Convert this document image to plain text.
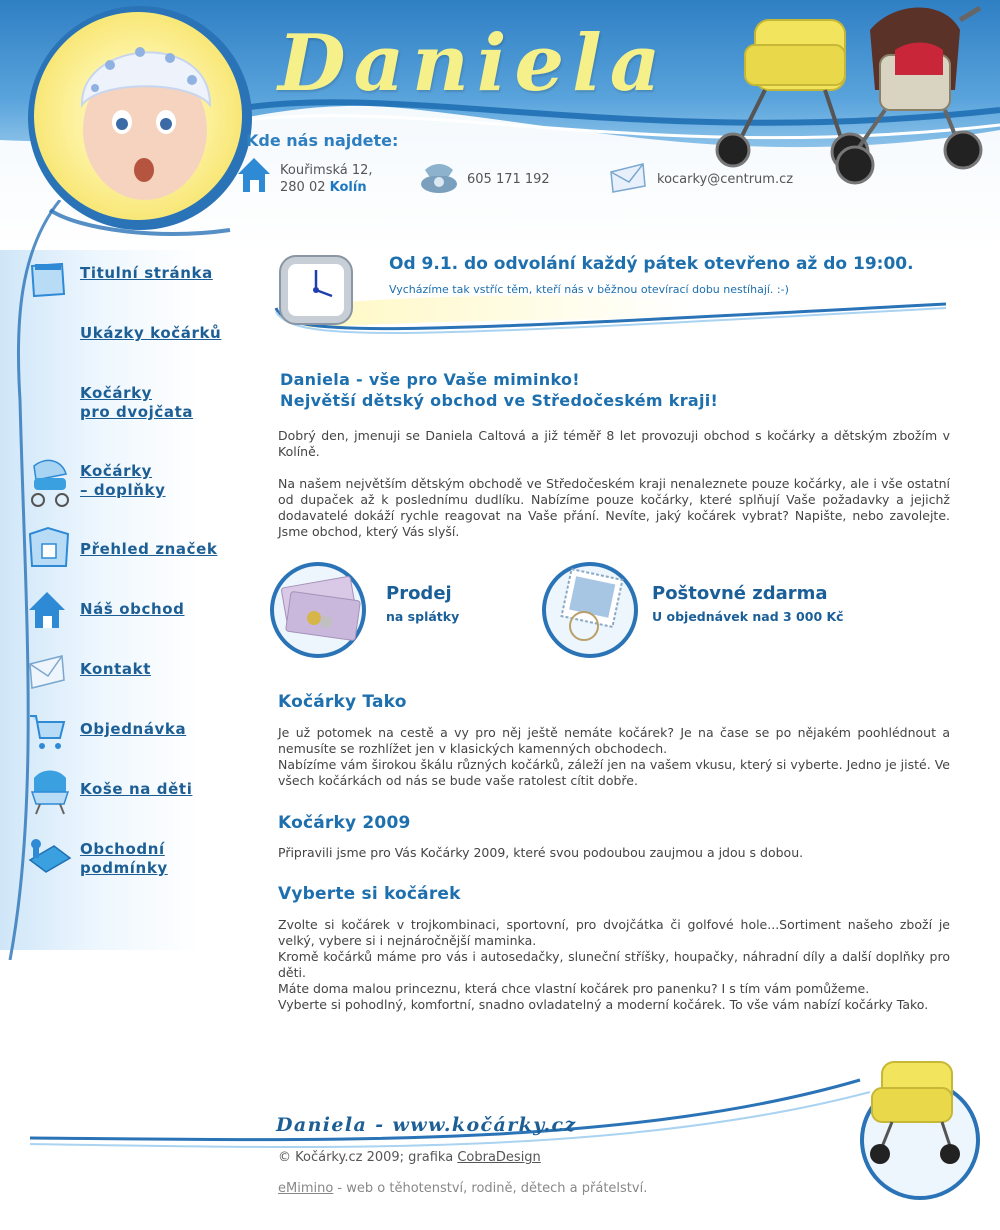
Daniela
Kde nás najdete:
Kouřimská 12,
280 02 Kolín
605 171 192	kocarky@centrum.cz
Titulní stránka
Ukázky kočárků
Kočárky
pro dvojčata
Kočárky
– doplňky
Přehled značek
Náš obchod
Kontakt
Objednávka
Koše na děti
Obchodní
podmínky
Od 9.1. do odvolání každý pátek otevřeno až do 19:00.
Vycházíme tak vstříc těm, kteří nás v běžnou otevírací dobu nestíhají. :-)
Daniela - vše pro Vaše miminko!
Největší dětský obchod ve Středočeském kraji!
Dobrý den, jmenuji se Daniela Caltová a již téměř 8 let provozuji obchod s kočárky a dětským zbožím v Kolíně.
Na našem největším dětským obchodě ve Středočeském kraji nenaleznete pouze kočárky, ale i vše ostatní od dupaček až k poslednímu dudlíku. Nabízíme pouze kočárky, které splňují Vaše požadavky a jejichž dodavatelé dokáží rychle reagovat na Vaše přání. Nevíte, jaký kočárek vybrat? Napište, nebo zavolejte. Jsme obchod, který Vás slyší.
Prodej
na splátky
Poštovné zdarma
U objednávek nad 3 000 Kč
Kočárky Tako
Je už potomek na cestě a vy pro něj ještě nemáte kočárek? Je na čase se po nějakém poohlédnout a nemusíte se rozhlížet jen v klasických kamenných obchodech.
Nabízíme vám širokou škálu různých kočárků, záleží jen na vašem vkusu, který si vyberte. Jedno je jisté. Ve všech kočárkách od nás se bude vaše ratolest cítit dobře.
Kočárky 2009
Připravili jsme pro Vás Kočárky 2009, které svou podoubou zaujmou a jdou s dobou.
Vyberte si kočárek
Zvolte si kočárek v trojkombinaci, sportovní, pro dvojčátka či golfové hole...Sortiment našeho zboží je velký, vybere si i nejnáročnější maminka.
Kromě kočárků máme pro vás i autosedačky, sluneční stříšky, houpačky, náhradní díly a další doplňky pro děti.
Máte doma malou princeznu, která chce vlastní kočárek pro panenku? I s tím vám pomůžeme.
Vyberte si pohodlný, komfortní, snadno ovladatelný a moderní kočárek. To vše vám nabízí kočárky Tako.
Daniela - www.kočárky.cz
© Kočárky.cz 2009; grafika CobraDesign
eMimino - web o těhotenství, rodině, dětech a přátelství.
